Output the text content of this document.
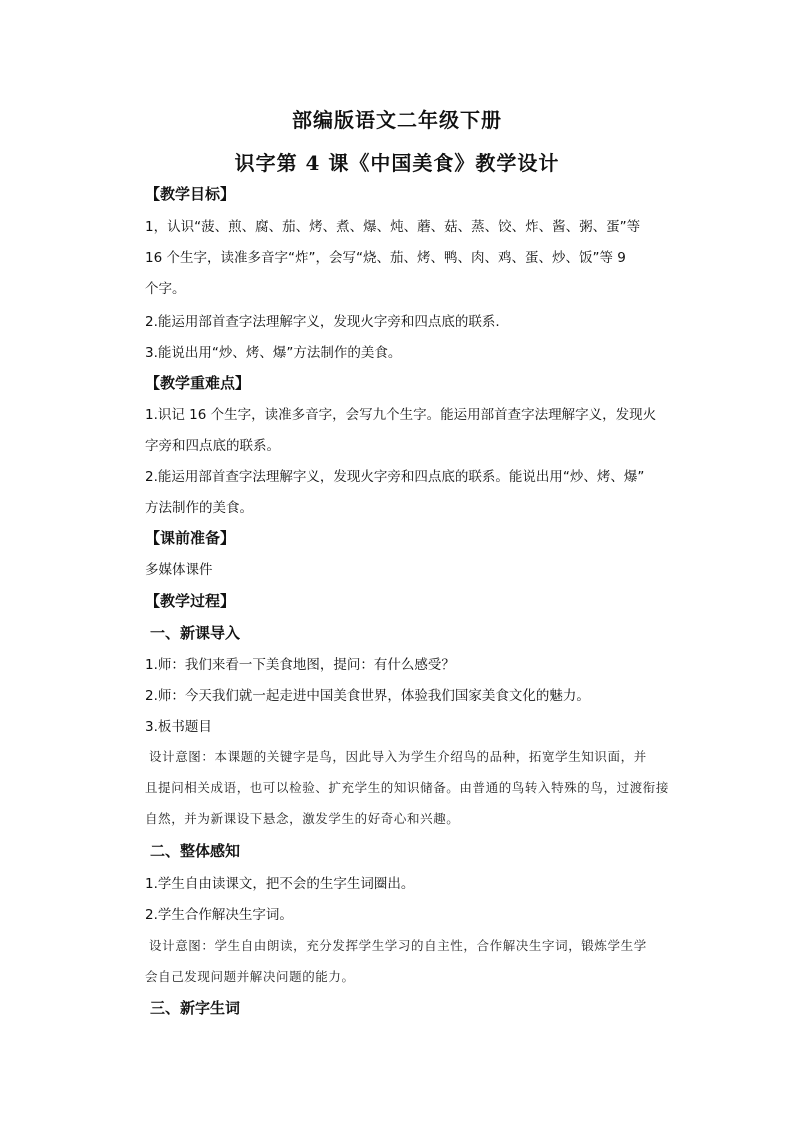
部编版语文二年级下册
识字第 4 课《中国美食》教学设计
【教学目标】
1，认识“菠、煎、腐、茄、烤、煮、爆、炖、蘑、菇、蒸、饺、炸、酱、粥、蛋”等
16 个生字，读准多音字“炸”，会写“烧、茄、烤、鸭、肉、鸡、蛋、炒、饭”等 9
个字。
2.能运用部首查字法理解字义，发现火字旁和四点底的联系.
3.能说出用“炒、烤、爆”方法制作的美食。
【教学重难点】
1.识记 16 个生字，读准多音字，会写九个生字。能运用部首查字法理解字义，发现火
字旁和四点底的联系。
2.能运用部首查字法理解字义，发现火字旁和四点底的联系。能说出用“炒、烤、爆”
方法制作的美食。
【课前准备】
多媒体课件
【教学过程】
一、新课导入
1.师：我们来看一下美食地图，提问：有什么感受？
2.师：今天我们就一起走进中国美食世界，体验我们国家美食文化的魅力。
3.板书题目
设计意图：本课题的关键字是鸟，因此导入为学生介绍鸟的品种，拓宽学生知识面，并
且提问相关成语，也可以检验、扩充学生的知识储备。由普通的鸟转入特殊的鸟，过渡衔接
自然，并为新课设下悬念，激发学生的好奇心和兴趣。
二、整体感知
1.学生自由读课文，把不会的生字生词圈出。
2.学生合作解决生字词。
设计意图：学生自由朗读，充分发挥学生学习的自主性，合作解决生字词，锻炼学生学
会自己发现问题并解决问题的能力。
三、新字生词
